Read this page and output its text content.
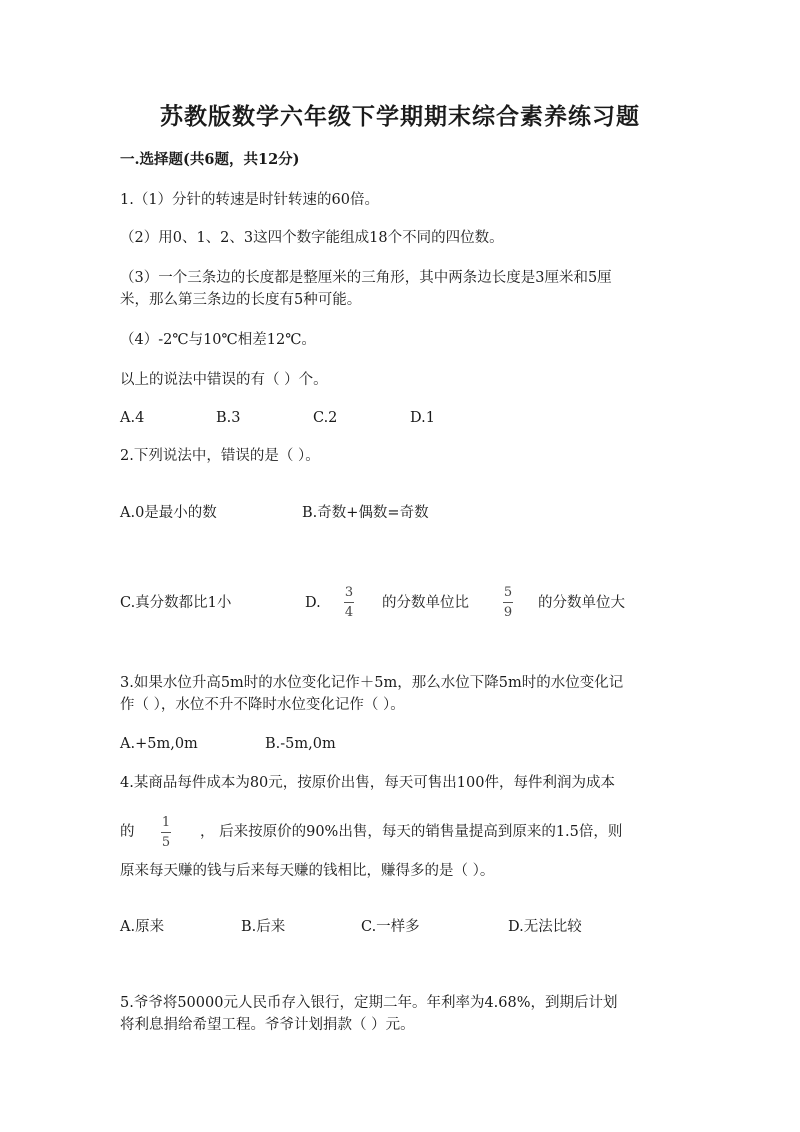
苏教版数学六年级下学期期末综合素养练习题
一.选择题(共6题，共12分)
1.（1）分针的转速是时针转速的60倍。
（2）用0、1、2、3这四个数字能组成18个不同的四位数。
（3）一个三条边的长度都是整厘米的三角形，其中两条边长度是3厘米和5厘
米，那么第三条边的长度有5种可能。
（4）-2℃与10℃相差12℃。
以上的说法中错误的有（ ）个。
A.4	B.3	C.2	D.1
2.下列说法中，错误的是（ ）。
A.0是最小的数	B.奇数+偶数=奇数
C.真分数都比1小	D.
3
4
的分数单位比
5
9
的分数单位大
3.如果水位升高5m时的水位变化记作＋5m，那么水位下降5m时的水位变化记
作（ ），水位不升不降时水位变化记作（ ）。
A.+5m,0m	B.-5m,0m
4.某商品每件成本为80元，按原价出售，每天可售出100件，每件利润为成本
的
1
5
， 后来按原价的90%出售，每天的销售量提高到原来的1.5倍，则
原来每天赚的钱与后来每天赚的钱相比，赚得多的是（ ）。
A.原来	B.后来	C.一样多	D.无法比较
5.爷爷将50000元人民币存入银行，定期二年。年利率为4.68%，到期后计划
将利息捐给希望工程。爷爷计划捐款（ ）元。
